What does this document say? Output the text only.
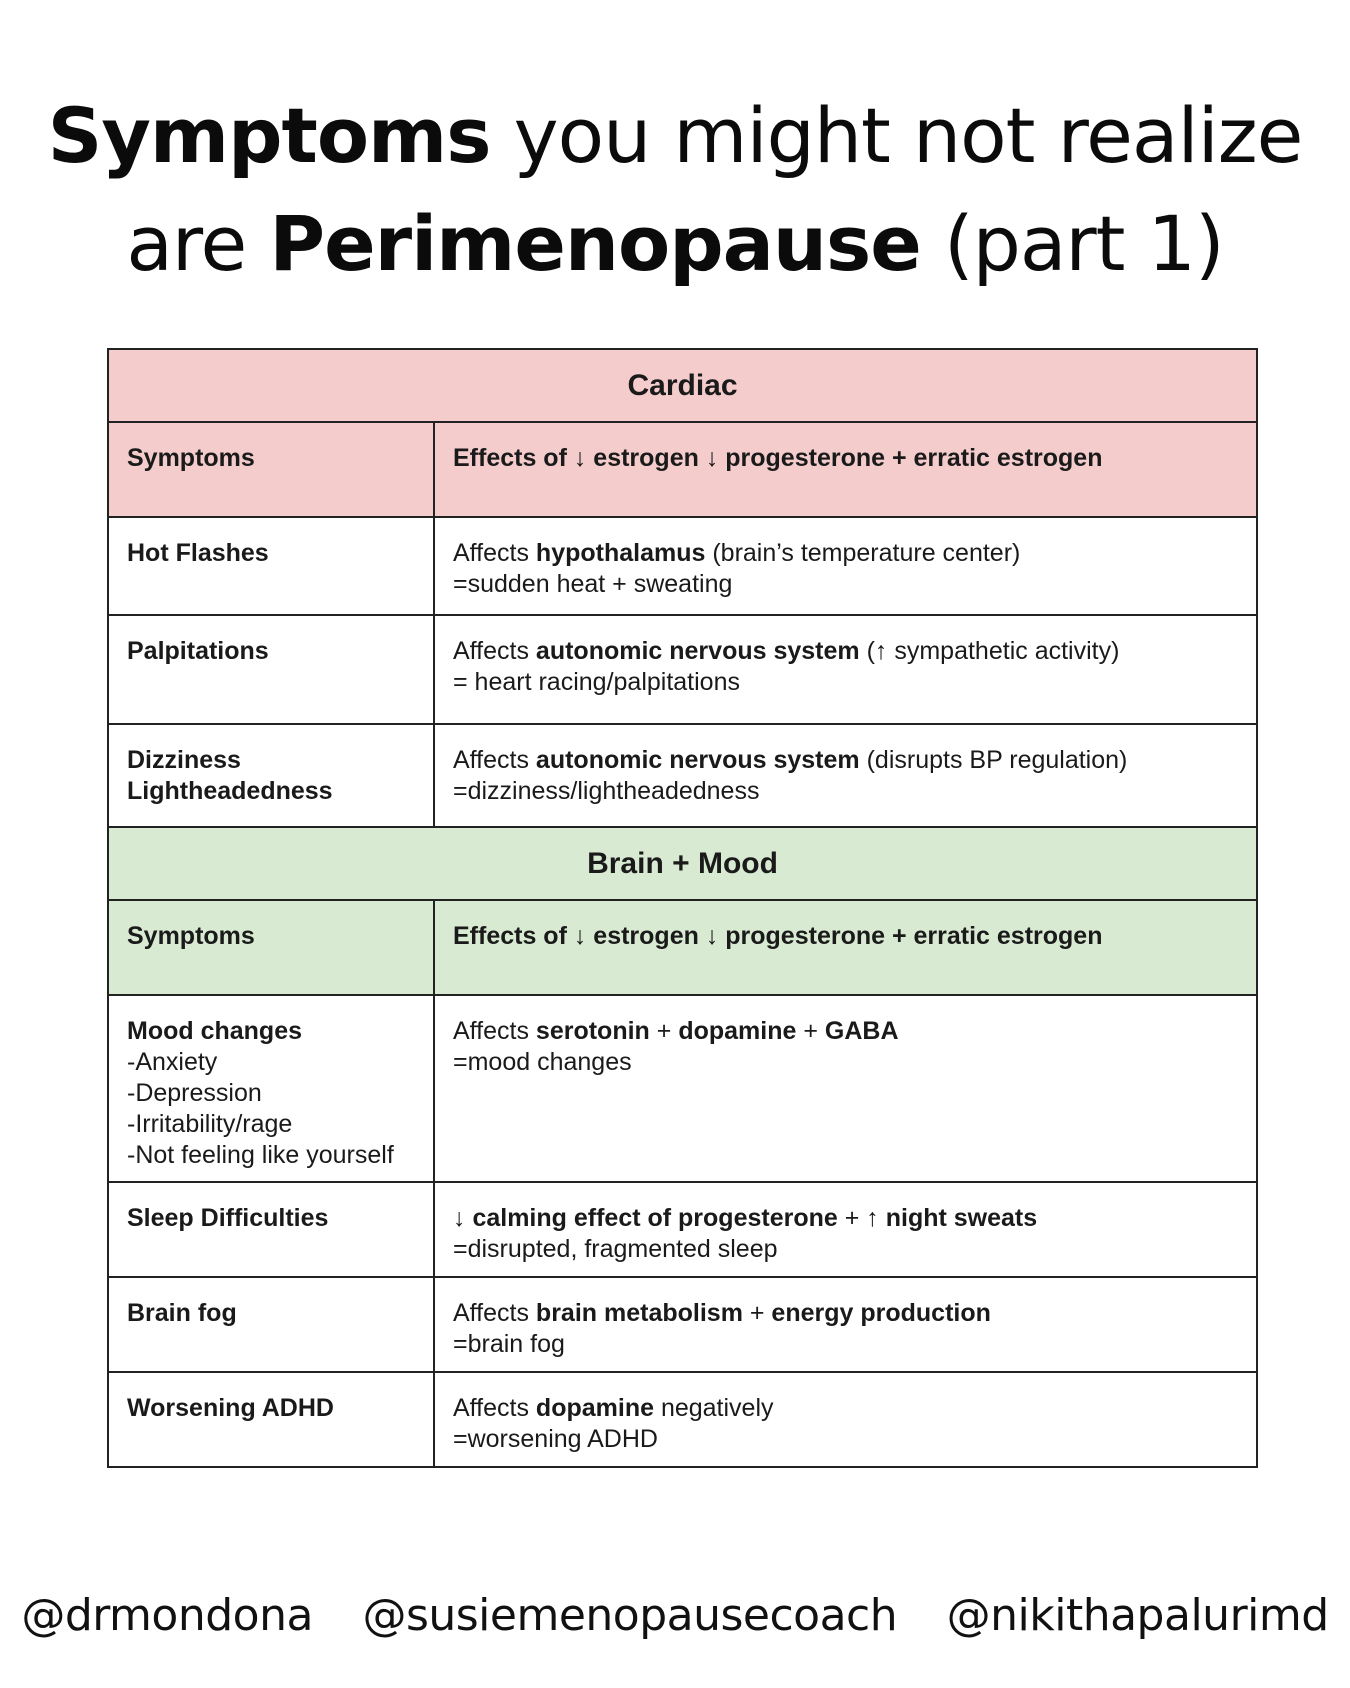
Symptoms you might not realize
are Perimenopause (part 1)
Cardiac	
Symptoms	Effects of ↓ estrogen ↓ progesterone + erratic estrogen
Hot Flashes	Affects hypothalamus (brain’s temperature center)
=sudden heat + sweating

Palpitations	Affects autonomic nervous system (↑ sympathetic activity)
= heart racing/palpitations

Dizziness
Lightheadedness	Affects autonomic nervous system (disrupts BP regulation)
=dizziness/lightheadedness

Brain + Mood	
Symptoms	Effects of ↓ estrogen ↓ progesterone + erratic estrogen

Mood changes
-Anxiety
-Depression
-Irritability/rage
-Not feeling like yourself	Affects serotonin + dopamine + GABA
=mood changes

Sleep Difficulties	↓ calming effect of progesterone + ↑ night sweats
=disrupted, fragmented sleep

Brain fog	Affects brain metabolism + energy production
=brain fog

Worsening ADHD	Affects dopamine negatively
=worsening ADHD
@drmondona @susiemenopausecoach @nikithapalurimd
